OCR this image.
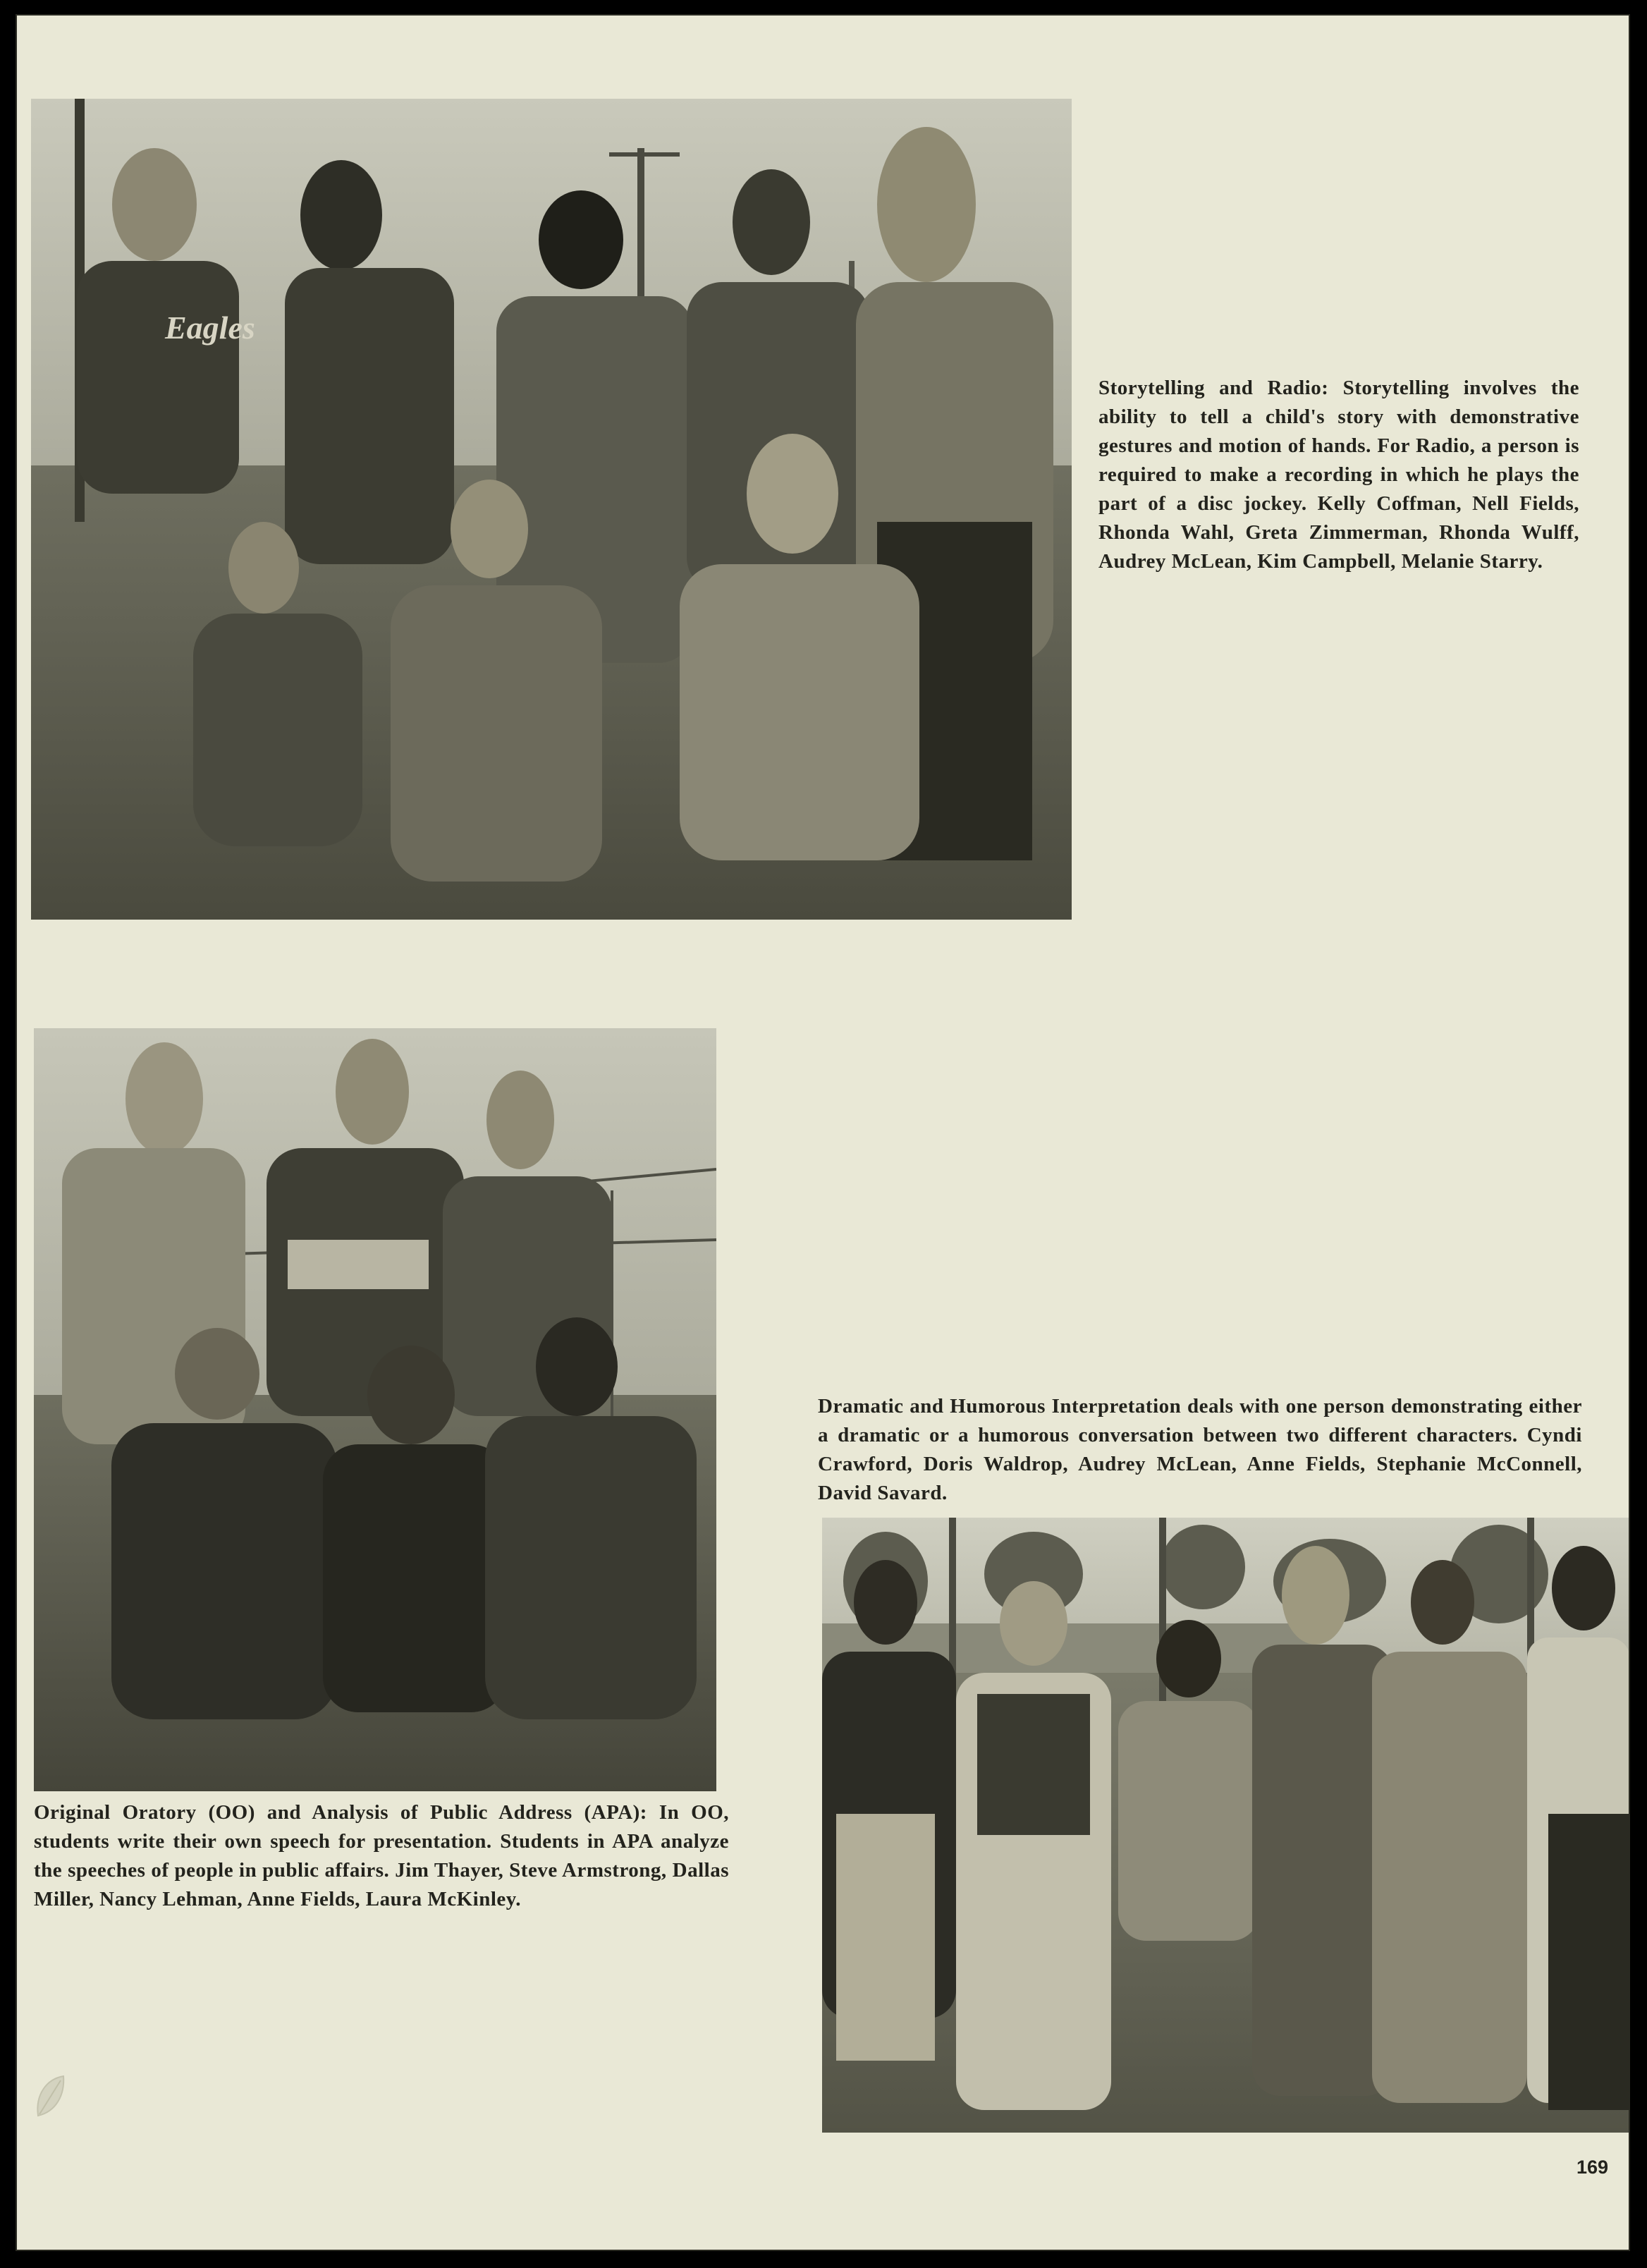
Eagles
Storytelling and Radio: Storytelling involves the ability to tell a child's story with demonstrative gestures and motion of hands. For Radio, a person is required to make a recording in which he plays the part of a disc jockey. Kelly Coffman, Nell Fields, Rhonda Wahl, Greta Zimmerman, Rhonda Wulff, Audrey McLean, Kim Campbell, Melanie Starry.
Original Oratory (OO) and Analysis of Public Address (APA): In OO, students write their own speech for presentation. Students in APA analyze the speeches of people in public affairs. Jim Thayer, Steve Armstrong, Dallas Miller, Nancy Lehman, Anne Fields, Laura McKinley.
Dramatic and Humorous Interpretation deals with one person demonstrating either a dramatic or a humorous conversation between two different characters. Cyndi Crawford, Doris Waldrop, Audrey McLean, Anne Fields, Stephanie McConnell, David Savard.
169
